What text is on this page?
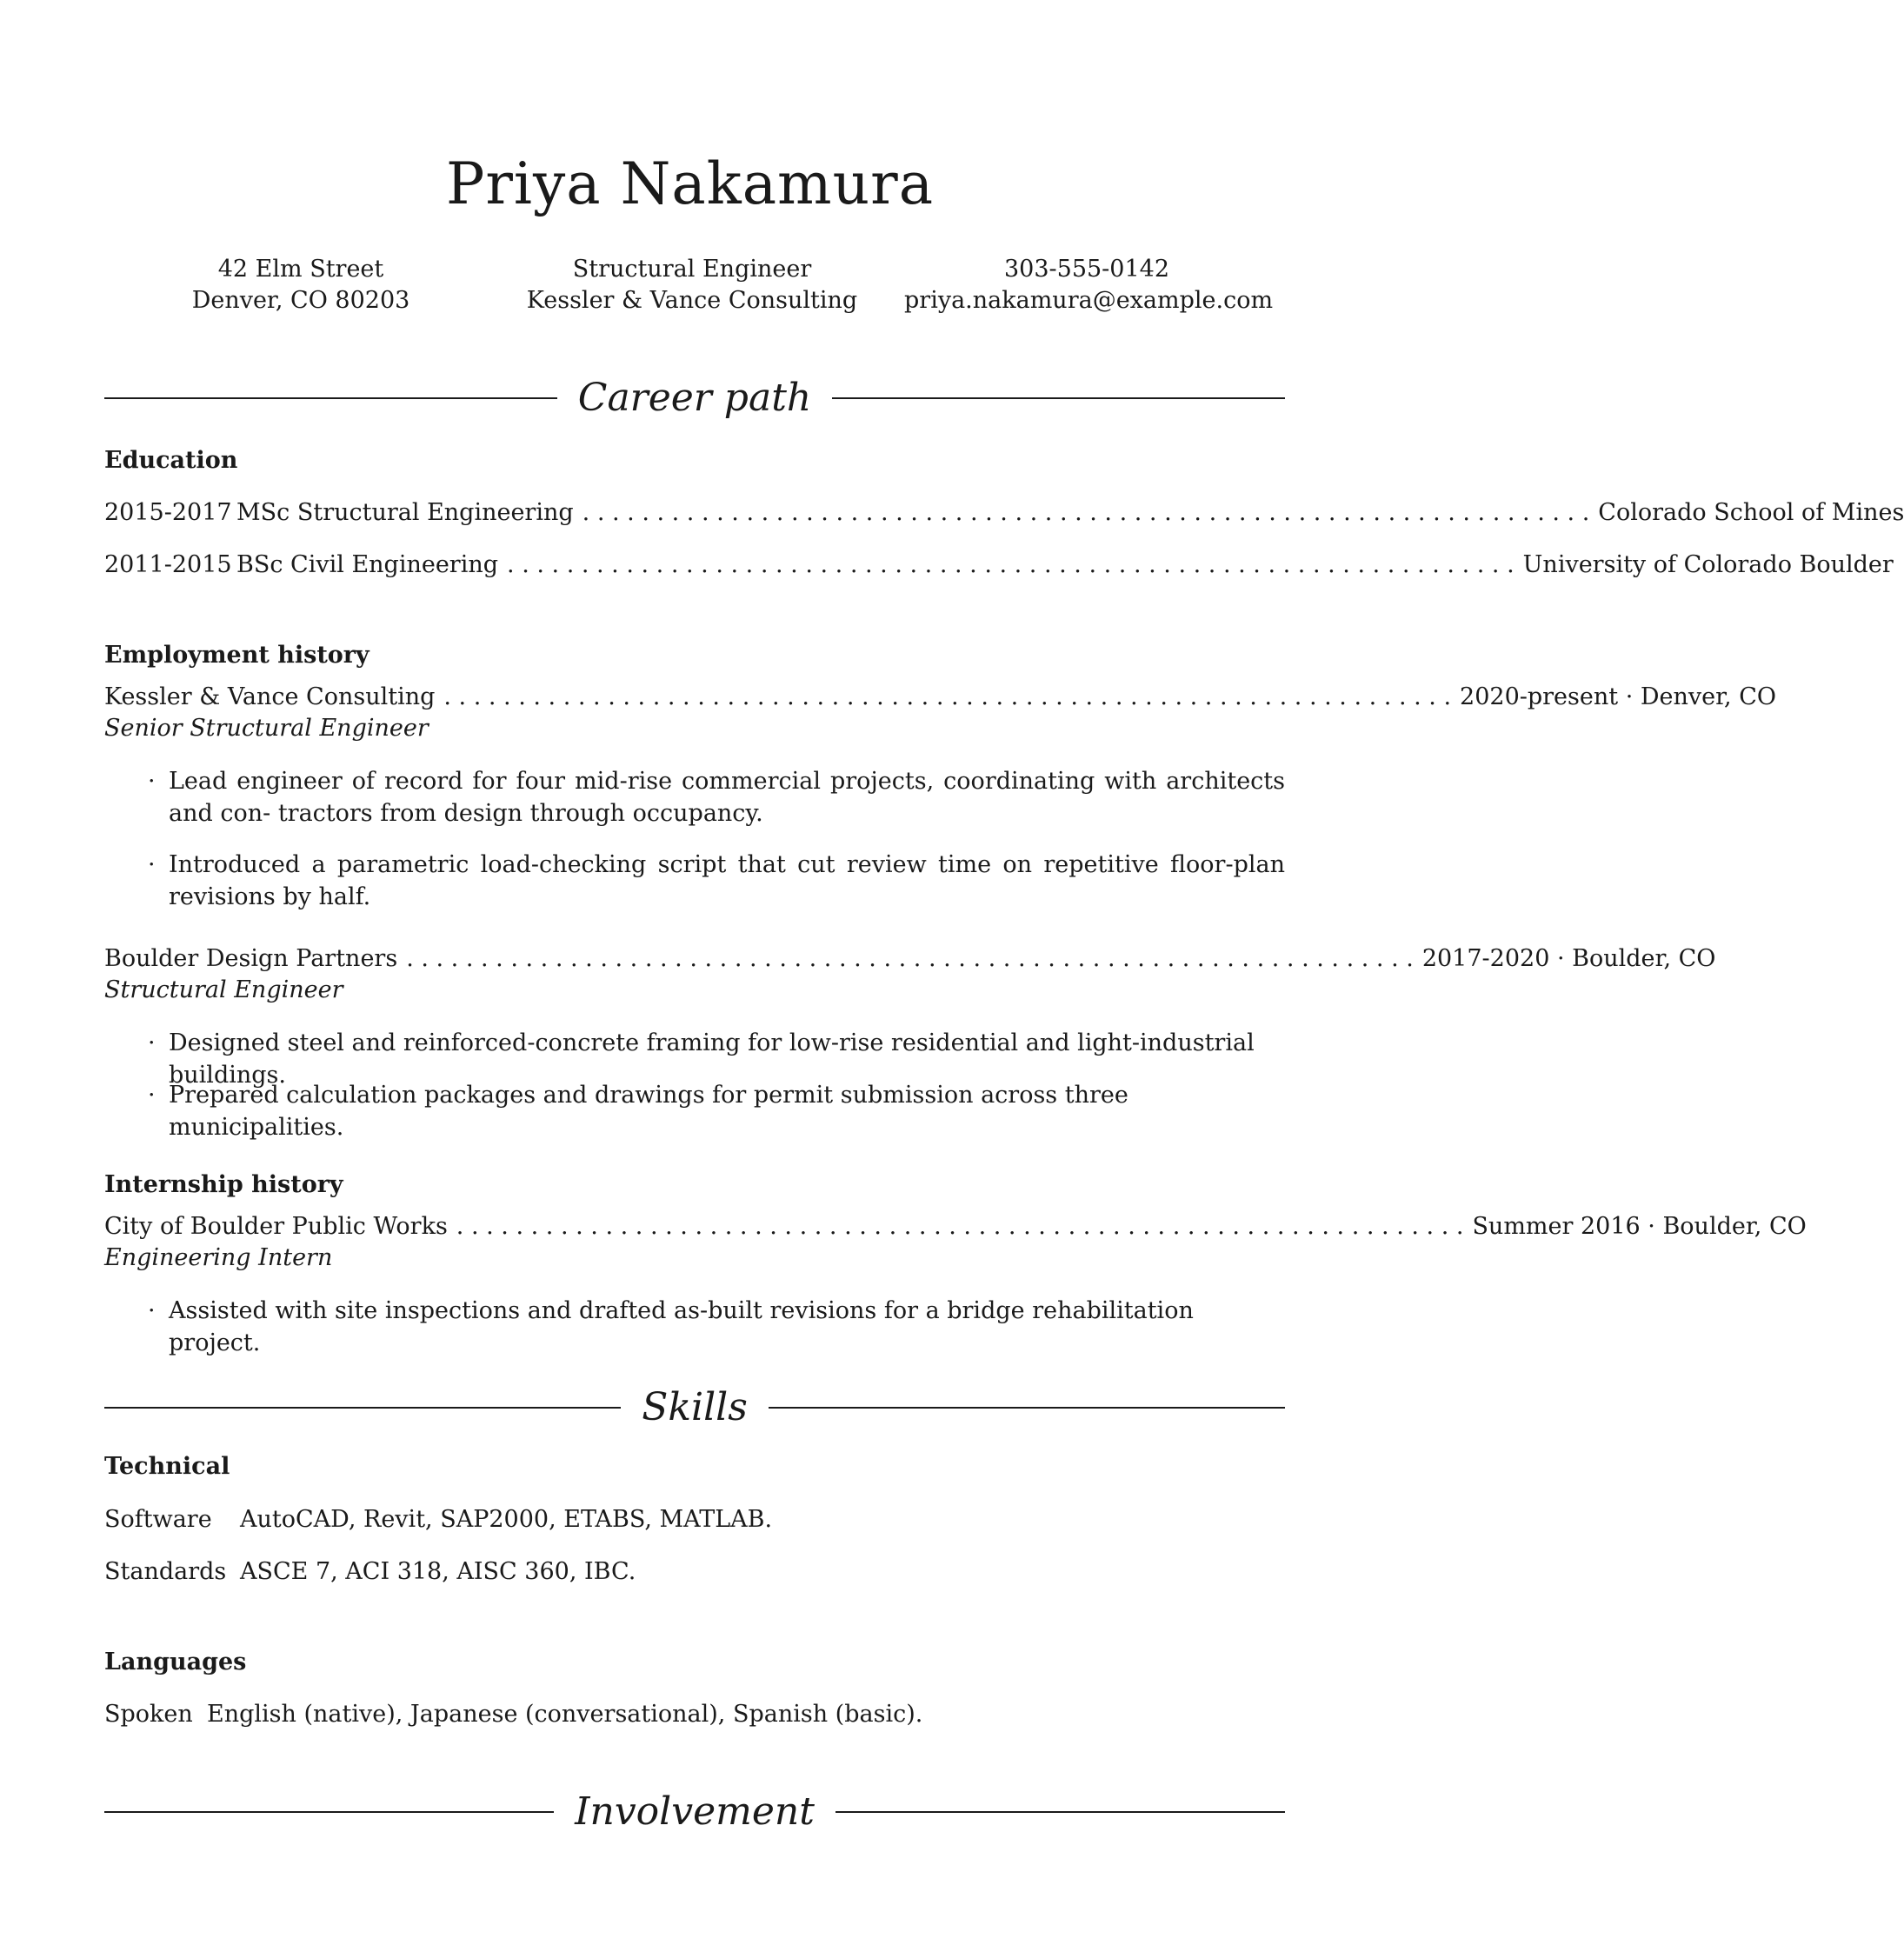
Priya Nakamura
42 Elm Street
Denver, CO 80203
Structural Engineer
Kessler & Vance Consulting
303-555-0142
priya.nakamura@example.com
Career path
Education
2015-2017 MSc Structural Engineering . . . . . . . . . . . . . . . . . . . . . . . . . . . . . . . . . . . . . . . . . . . . . . . . . . . . . . . . . . . . . . . . . . . . Colorado School of Mines
2011-2015 BSc Civil Engineering . . . . . . . . . . . . . . . . . . . . . . . . . . . . . . . . . . . . . . . . . . . . . . . . . . . . . . . . . . . . . . . . . . . . University of Colorado Boulder
Employment history
Kessler & Vance Consulting . . . . . . . . . . . . . . . . . . . . . . . . . . . . . . . . . . . . . . . . . . . . . . . . . . . . . . . . . . . . . . . . . . . . 2020-present · Denver, CO
Senior Structural Engineer
· Lead engineer of record for four mid-rise commercial projects, coordinating with architects and con- tractors from design through occupancy.
· Introduced a parametric load-checking script that cut review time on repetitive floor-plan revisions by half.
Boulder Design Partners . . . . . . . . . . . . . . . . . . . . . . . . . . . . . . . . . . . . . . . . . . . . . . . . . . . . . . . . . . . . . . . . . . . . 2017-2020 · Boulder, CO
Structural Engineer
· Designed steel and reinforced-concrete framing for low-rise residential and light-industrial buildings.
· Prepared calculation packages and drawings for permit submission across three municipalities.
Internship history
City of Boulder Public Works . . . . . . . . . . . . . . . . . . . . . . . . . . . . . . . . . . . . . . . . . . . . . . . . . . . . . . . . . . . . . . . . . . . . Summer 2016 · Boulder, CO
Engineering Intern
· Assisted with site inspections and drafted as-built revisions for a bridge rehabilitation project.
Skills
Technical
Software	AutoCAD, Revit, SAP2000, ETABS, MATLAB.
Standards ASCE 7, ACI 318, AISC 360, IBC.
Languages
Spoken English (native), Japanese (conversational), Spanish (basic).
Involvement
